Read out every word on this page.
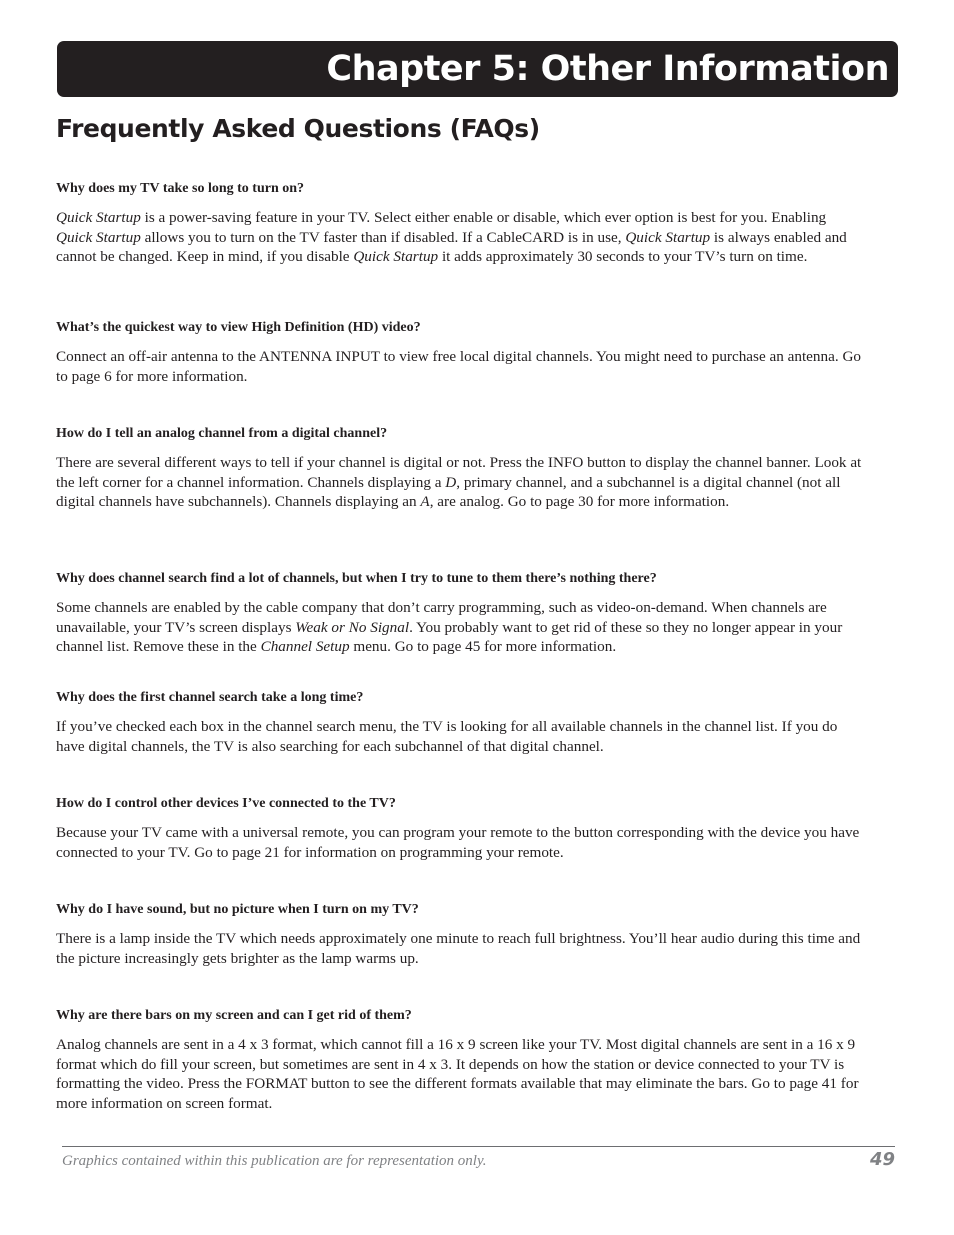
Chapter 5: Other Information
Frequently Asked Questions (FAQs)

Why does my TV take so long to turn on?

Quick Startup is a power-saving feature in your TV. Select either enable or disable, which ever option is best for you. Enabling Quick Startup allows you to turn on the TV faster than if disabled. If a CableCARD is in use, Quick Startup is always enabled and cannot be changed. Keep in mind, if you disable Quick Startup it adds approximately 30 seconds to your TV’s turn on time.

What’s the quickest way to view High Definition (HD) video?

Connect an off-air antenna to the ANTENNA INPUT to view free local digital channels. You might need to purchase an antenna. Go to page 6 for more information.

How do I tell an analog channel from a digital channel?

There are several different ways to tell if your channel is digital or not. Press the INFO button to display the channel banner. Look at the left corner for a channel information. Channels displaying a D, primary channel, and a subchannel is a digital channel (not all digital channels have subchannels). Channels displaying an A, are analog. Go to page 30 for more information.

Why does channel search find a lot of channels, but when I try to tune to them there’s nothing there?

Some channels are enabled by the cable company that don’t carry programming, such as video-on-demand. When channels are unavailable, your TV’s screen displays Weak or No Signal. You probably want to get rid of these so they no longer appear in your channel list. Remove these in the Channel Setup menu. Go to page 45 for more information.

Why does the first channel search take a long time?

If you’ve checked each box in the channel search menu, the TV is looking for all available channels in the channel list. If you do have digital channels, the TV is also searching for each subchannel of that digital channel.

How do I control other devices I’ve connected to the TV?

Because your TV came with a universal remote, you can program your remote to the button corresponding with the device you have connected to your TV. Go to page 21 for information on programming your remote.

Why do I have sound, but no picture when I turn on my TV?

There is a lamp inside the TV which needs approximately one minute to reach full brightness. You’ll hear audio during this time and the picture increasingly gets brighter as the lamp warms up.

Why are there bars on my screen and can I get rid of them?

Analog channels are sent in a 4 x 3 format, which cannot fill a 16 x 9 screen like your TV. Most digital channels are sent in a 16 x 9 format which do fill your screen, but sometimes are sent in 4 x 3. It depends on how the station or device connected to your TV is formatting the video. Press the FORMAT button to see the different formats available that may eliminate the bars. Go to page 41 for more information on screen format.

Graphics contained within this publication are for representation only.	49
